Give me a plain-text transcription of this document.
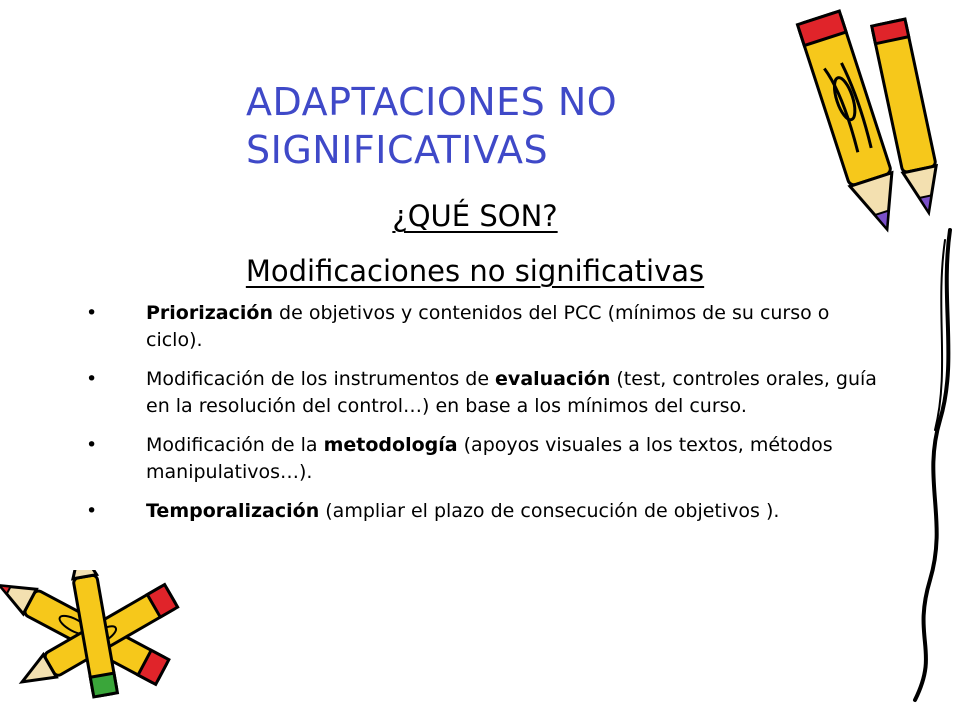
ADAPTACIONES NO
SIGNIFICATIVAS
¿QUÉ SON?
Modificaciones no significativas
•	Priorización de objetivos y contenidos del PCC (mínimos de su curso o ciclo).
•	Modificación de los instrumentos de evaluación (test, controles orales, guía en la resolución del control…) en base a los mínimos del curso.
•	Modificación de la metodología (apoyos visuales a los textos, métodos manipulativos…).
•	Temporalización (ampliar el plazo de consecución de objetivos ).
